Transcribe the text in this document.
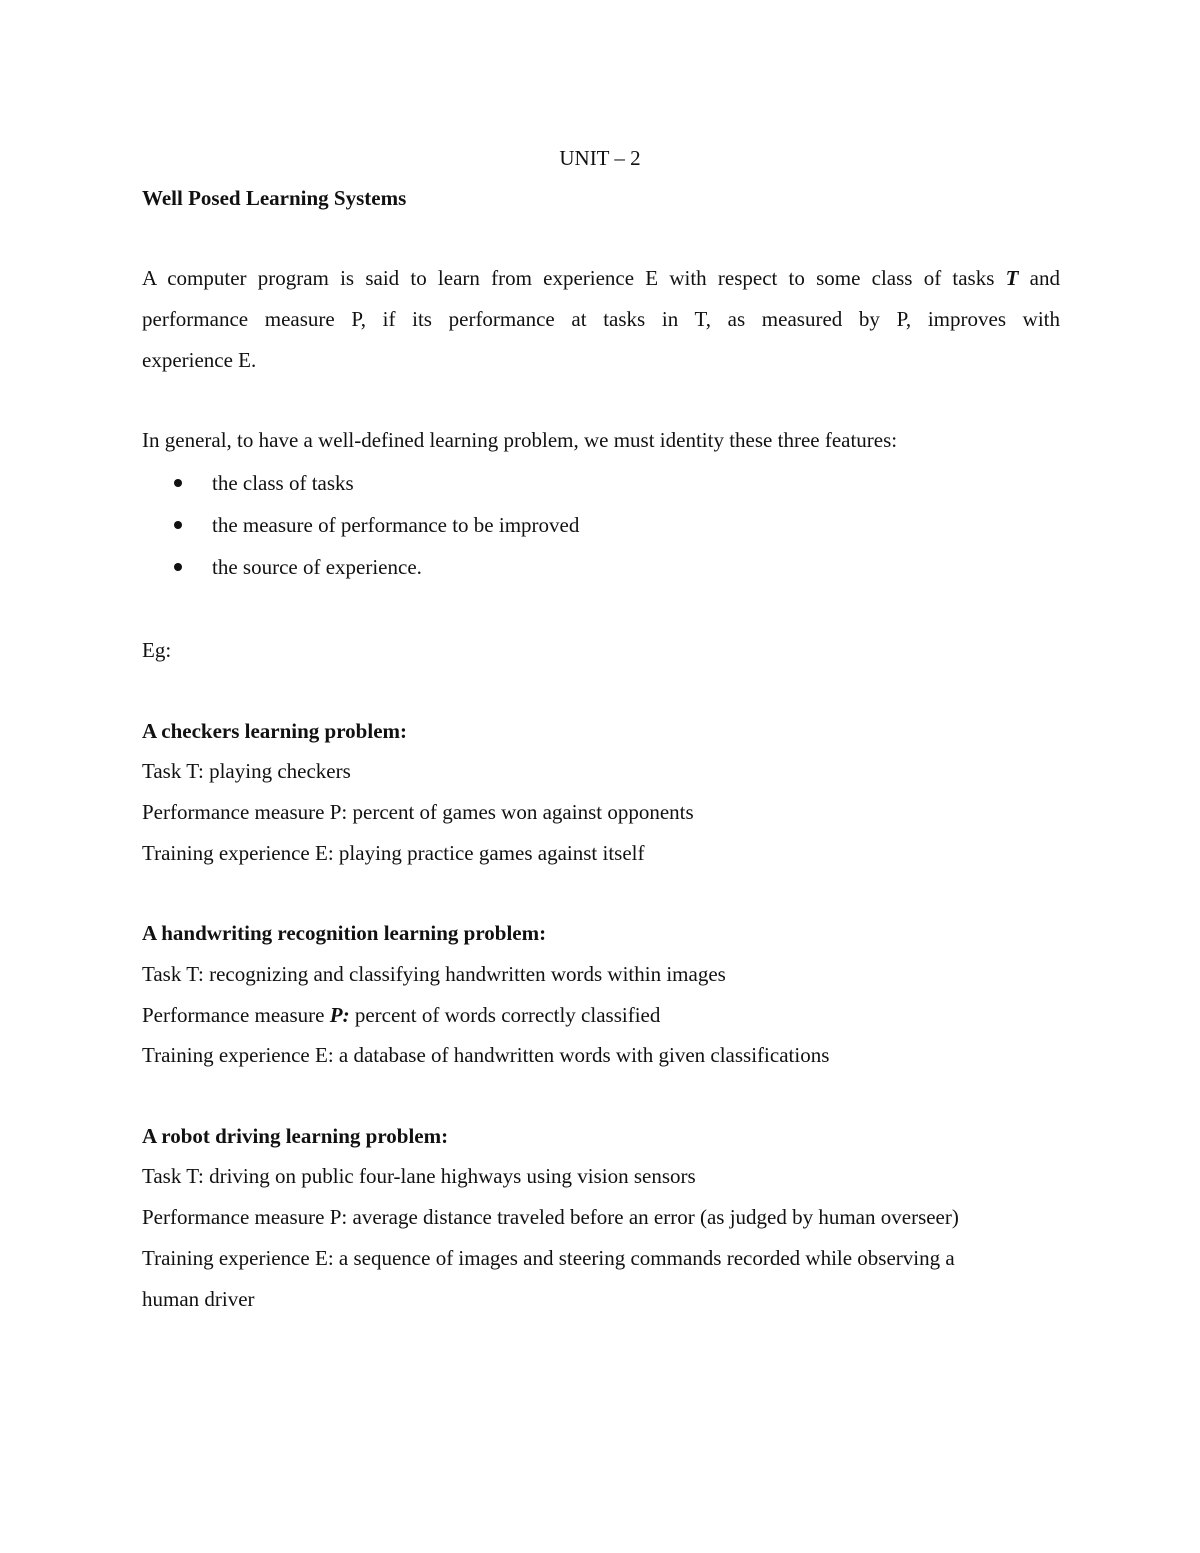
UNIT – 2
Well Posed Learning Systems
A computer program is said to learn from experience E with respect to some class of tasks T and
performance measure P, if its performance at tasks in T, as measured by P, improves with
experience E.
In general, to have a well-defined learning problem, we must identity these three features:
the class of tasks
the measure of performance to be improved
the source of experience.
Eg:
A checkers learning problem:
Task T: playing checkers
Performance measure P: percent of games won against opponents
Training experience E: playing practice games against itself
A handwriting recognition learning problem:
Task T: recognizing and classifying handwritten words within images
Performance measure P: percent of words correctly classified
Training experience E: a database of handwritten words with given classifications
A robot driving learning problem:
Task T: driving on public four-lane highways using vision sensors
Performance measure P: average distance traveled before an error (as judged by human overseer)
Training experience E: a sequence of images and steering commands recorded while observing a
human driver
